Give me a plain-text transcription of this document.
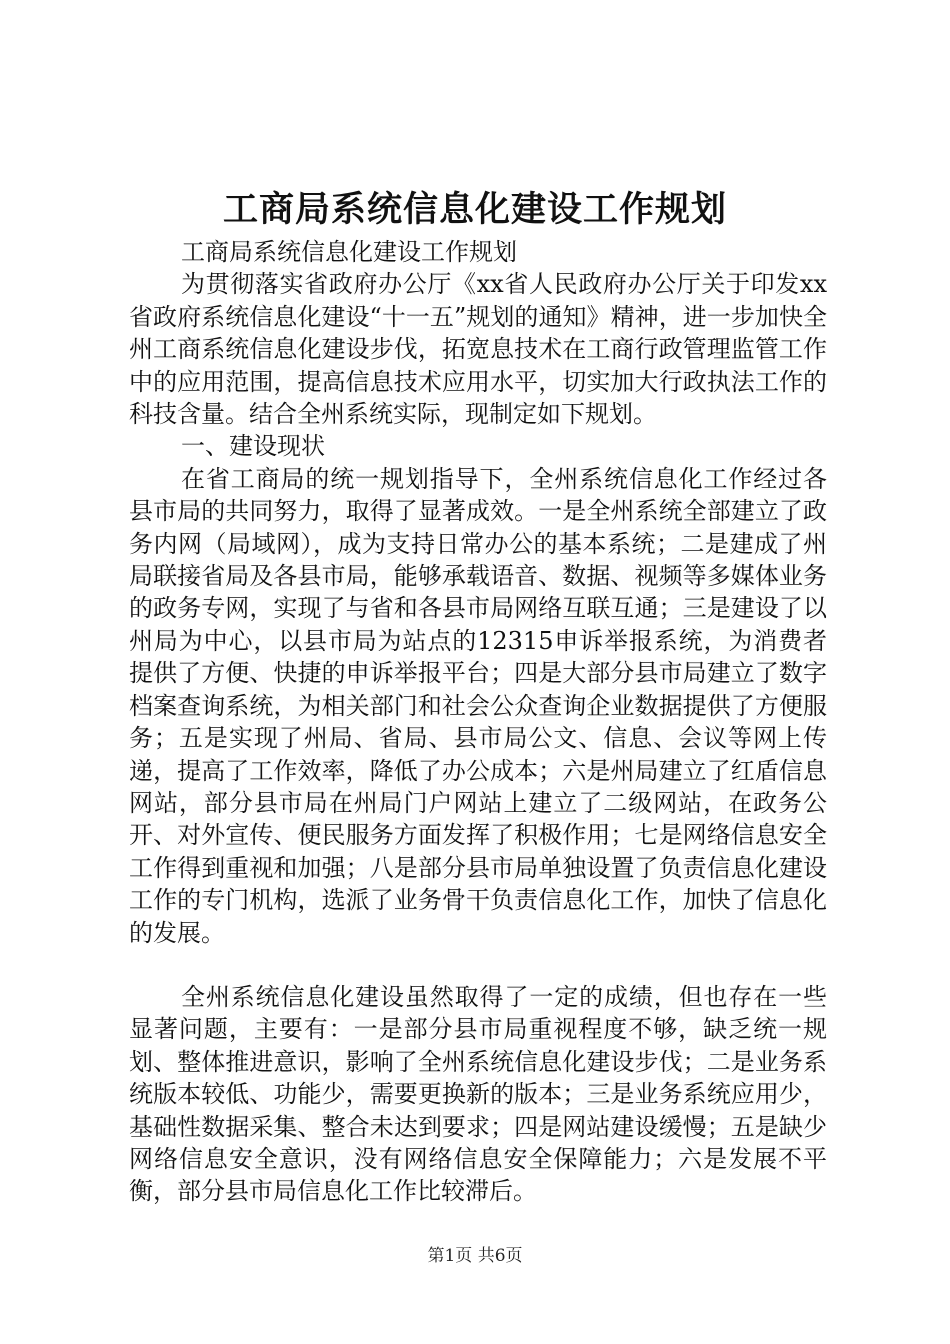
工商局系统信息化建设工作规划

工商局系统信息化建设工作规划

为贯彻落实省政府办公厅《xx省人民政府办公厅关于印发xx省政府系统信息化建设“十一五”规划的通知》精神，进一步加快全州工商系统信息化建设步伐，拓宽息技术在工商行政管理监管工作中的应用范围，提高信息技术应用水平，切实加大行政执法工作的科技含量。结合全州系统实际，现制定如下规划。

一、建设现状

在省工商局的统一规划指导下，全州系统信息化工作经过各县市局的共同努力，取得了显著成效。一是全州系统全部建立了政务内网（局域网），成为支持日常办公的基本系统；二是建成了州局联接省局及各县市局，能够承载语音、数据、视频等多媒体业务的政务专网，实现了与省和各县市局网络互联互通；三是建设了以州局为中心，以县市局为站点的12315申诉举报系统，为消费者提供了方便、快捷的申诉举报平台；四是大部分县市局建立了数字档案查询系统，为相关部门和社会公众查询企业数据提供了方便服务；五是实现了州局、省局、县市局公文、信息、会议等网上传递，提高了工作效率，降低了办公成本；六是州局建立了红盾信息网站，部分县市局在州局门户网站上建立了二级网站，在政务公开、对外宣传、便民服务方面发挥了积极作用；七是网络信息安全工作得到重视和加强；八是部分县市局单独设置了负责信息化建设工作的专门机构，选派了业务骨干负责信息化工作，加快了信息化的发展。

全州系统信息化建设虽然取得了一定的成绩，但也存在一些显著问题，主要有：一是部分县市局重视程度不够，缺乏统一规划、整体推进意识，影响了全州系统信息化建设步伐；二是业务系统版本较低、功能少，需要更换新的版本；三是业务系统应用少，基础性数据采集、整合未达到要求；四是网站建设缓慢；五是缺少网络信息安全意识，没有网络信息安全保障能力；六是发展不平衡，部分县市局信息化工作比较滞后。

第1页 共6页
